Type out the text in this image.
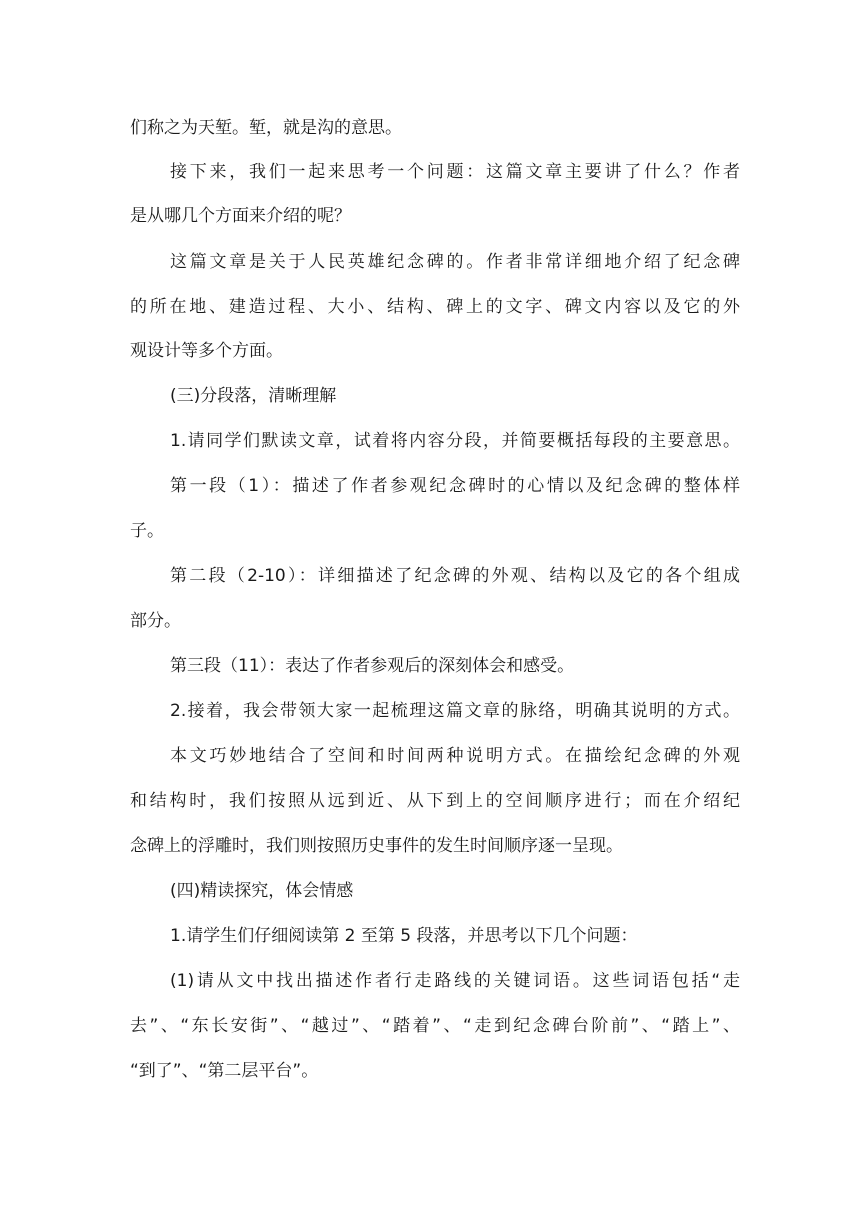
们称之为天堑。堑，就是沟的意思。
接下来，我们一起来思考一个问题：这篇文章主要讲了什么？作者
是从哪几个方面来介绍的呢？
这篇文章是关于人民英雄纪念碑的。作者非常详细地介绍了纪念碑
的所在地、建造过程、大小、结构、碑上的文字、碑文内容以及它的外
观设计等多个方面。
(三)分段落，清晰理解
1.请同学们默读文章，试着将内容分段，并简要概括每段的主要意思。
第一段（1）：描述了作者参观纪念碑时的心情以及纪念碑的整体样
子。
第二段（2-10）：详细描述了纪念碑的外观、结构以及它的各个组成
部分。
第三段（11）：表达了作者参观后的深刻体会和感受。
2.接着，我会带领大家一起梳理这篇文章的脉络，明确其说明的方式。
本文巧妙地结合了空间和时间两种说明方式。在描绘纪念碑的外观
和结构时，我们按照从远到近、从下到上的空间顺序进行；而在介绍纪
念碑上的浮雕时，我们则按照历史事件的发生时间顺序逐一呈现。
(四)精读探究，体会情感
1.请学生们仔细阅读第 2 至第 5 段落，并思考以下几个问题：
(1)请从文中找出描述作者行走路线的关键词语。这些词语包括“走
去”、“东长安街”、“越过”、“踏着”、“走到纪念碑台阶前”、“踏上”、
“到了”、“第二层平台”。
